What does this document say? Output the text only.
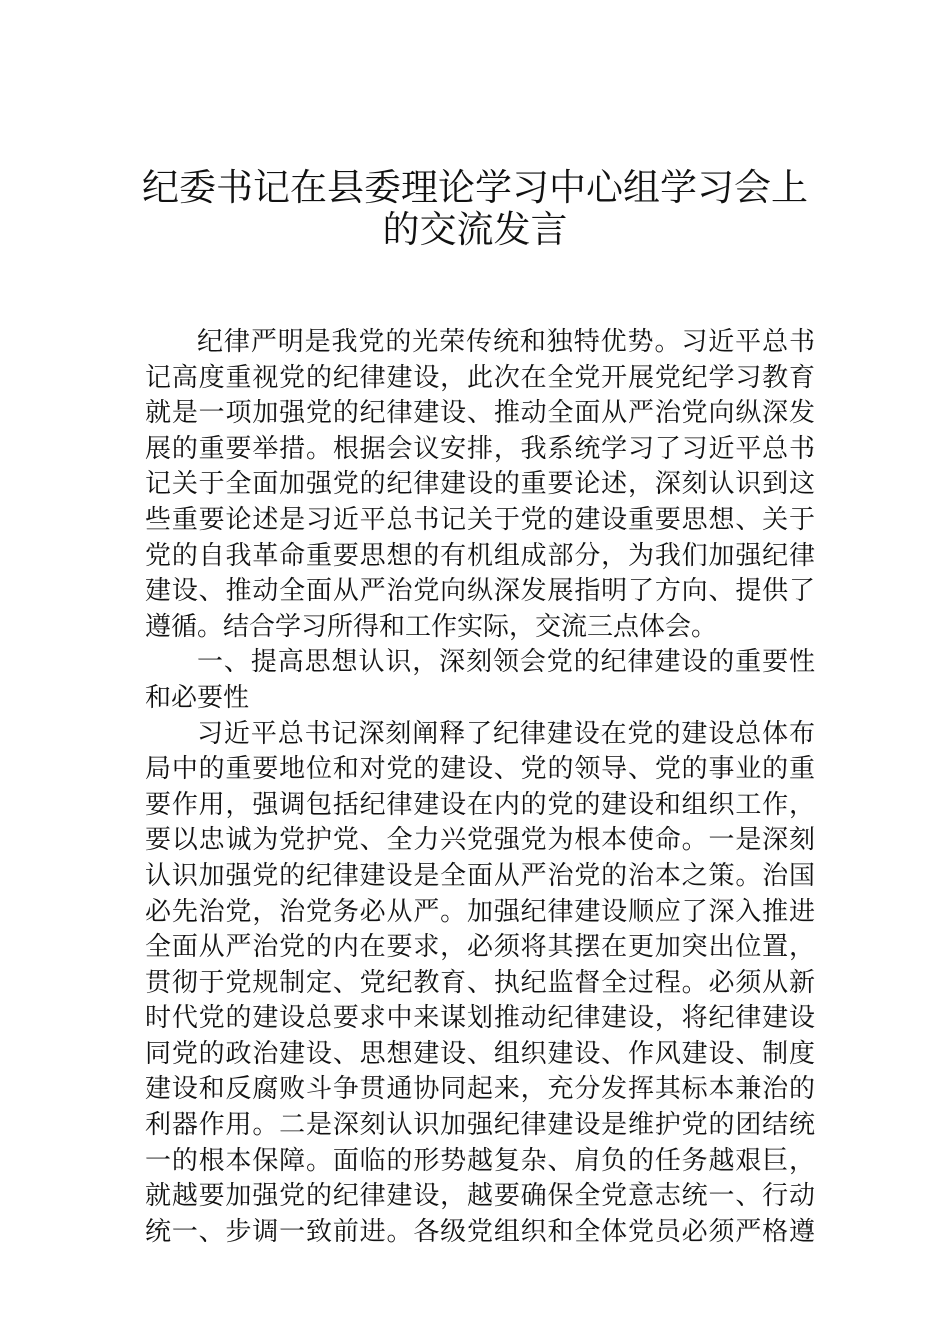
纪委书记在县委理论学习中心组学习会上
的交流发言

纪律严明是我党的光荣传统和独特优势。习近平总书

记高度重视党的纪律建设，此次在全党开展党纪学习教育

就是一项加强党的纪律建设、推动全面从严治党向纵深发

展的重要举措。根据会议安排，我系统学习了习近平总书

记关于全面加强党的纪律建设的重要论述，深刻认识到这

些重要论述是习近平总书记关于党的建设重要思想、关于

党的自我革命重要思想的有机组成部分，为我们加强纪律

建设、推动全面从严治党向纵深发展指明了方向、提供了

遵循。结合学习所得和工作实际，交流三点体会。

一、提高思想认识，深刻领会党的纪律建设的重要性

和必要性

习近平总书记深刻阐释了纪律建设在党的建设总体布

局中的重要地位和对党的建设、党的领导、党的事业的重

要作用，强调包括纪律建设在内的党的建设和组织工作，

要以忠诚为党护党、全力兴党强党为根本使命。一是深刻

认识加强党的纪律建设是全面从严治党的治本之策。治国

必先治党，治党务必从严。加强纪律建设顺应了深入推进

全面从严治党的内在要求，必须将其摆在更加突出位置，

贯彻于党规制定、党纪教育、执纪监督全过程。必须从新

时代党的建设总要求中来谋划推动纪律建设，将纪律建设

同党的政治建设、思想建设、组织建设、作风建设、制度

建设和反腐败斗争贯通协同起来，充分发挥其标本兼治的

利器作用。二是深刻认识加强纪律建设是维护党的团结统

一的根本保障。面临的形势越复杂、肩负的任务越艰巨，

就越要加强党的纪律建设，越要确保全党意志统一、行动

统一、步调一致前进。各级党组织和全体党员必须严格遵
